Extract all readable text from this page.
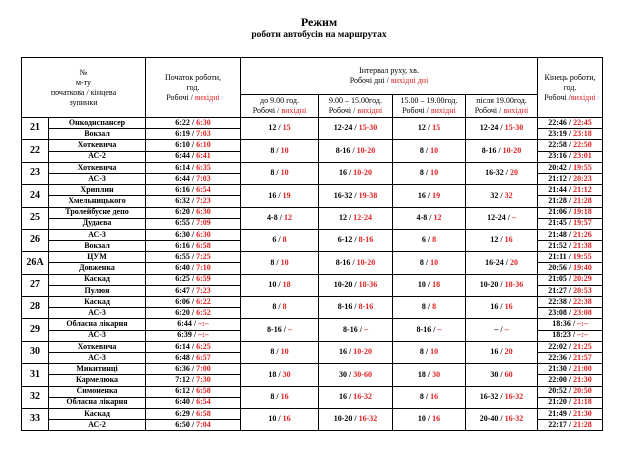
Режим
роботи автобусів на маршрутах
№
м-ту
початкова / кінцева
зупинки		Початок роботи,
год.
Робочі / вихідні	Інтервал руху, хв.
Робочі дні / вихідні дні				Кінець роботи,
год.
Робочі /вихідні
			до 9.00 год.
Робочі / вихідні	9.00 – 15.00год.
Робочі / вихідні	15.00 – 19.00год.
Робочі / вихідні	після 19.00год.
Робочі / вихідні	
21	Онкодиспансер	6:22 / 6:30	12 / 15	12-24 / 15-30	12 / 15	12-24 / 15-30	22:46 / 22:45
	Вокзал	6:19 / 7:03					23:19 / 23:18
22	Хоткевича	6:10 / 6:10	8 / 10	8-16 / 10-20	8 / 10	8-16 / 10-20	22:58 / 22:50
	АС-2	6:44 / 6:41					23:16 / 23:01
23	Хоткевича	6:14 / 6:35	8 / 10	16 / 10-20	8 / 10	16-32 / 20	20:42 / 19:55
	АС-3	6:44 / 7:03					21:12 / 20:23
24	Хриплин	6:16 / 6:54	16 / 19	16-32 / 19-38	16 / 19	32 / 32	21:44 / 21:12
	Хмельницького	6:32 / 7:23					21:28 / 21:28
25	Тролейбусне депо	6:20 / 6:30	4-8 / 12	12 / 12-24	4-8 / 12	12-24 / –	21:06 / 19:18
	Дудаєва	6:55 / 7:09					21:45 / 19:57
26	АС-3	6:30 / 6:30	6 / 8	6-12 / 8-16	6 / 8	12 / 16	21:48 / 21:26
	Вокзал	6:16 / 6:58					21:52 / 21:38
26А	ЦУМ	6:55 / 7:25	8 / 10	8-16 / 10-20	8 / 10	16-24 / 20	21:11 / 19:55
	Довженка	6:40 / 7:10					20:56 / 19:40
27	Каскад	6:25 / 6:59	10 / 18	10-20 / 18-36	10 / 18	10-20 / 18-36	21:05 / 20:29
	Пулюя	6:47 / 7:23					21:27 / 20:53
28	Каскад	6:06 / 6:22	8 / 8	8-16 / 8-16	8 / 8	16 / 16	22:38 / 22:38
	АС-3	6:20 / 6:52					23:08 / 23:08
29	Обласна лікарня	6:44 / –:–	8-16 / –	8-16 / –	8-16 / –	– / –	18:36 / –:–
	АС-3	6:39 / –:–					18:23 / –:–
30	Хоткевича	6:14 / 6:25	8 / 10	16 / 10-20	8 / 10	16 / 20	22:02 / 21:25
	АС-3	6:48 / 6:57					22:36 / 21:57
31	Микитинці	6:36 / 7:00	18 / 30	30 / 30-60	18 / 30	30 / 60	21:30 / 21:00
	Кармелюка	7:12 / 7:30					22:00 / 21:30
32	Симоненка	6:12 / 6:58	8 / 16	16 / 16-32	8 / 16	16-32 / 16-32	20:52 / 20:50
	Обласна лікарня	6:40 / 6:54					21:20 / 21:18
33	Каскад	6:29 / 6:58	10 / 16	10-20 / 16-32	10 / 16	20-40 / 16-32	21:49 / 21:30
	АС-2	6:50 / 7:04					22:17 / 21:28
